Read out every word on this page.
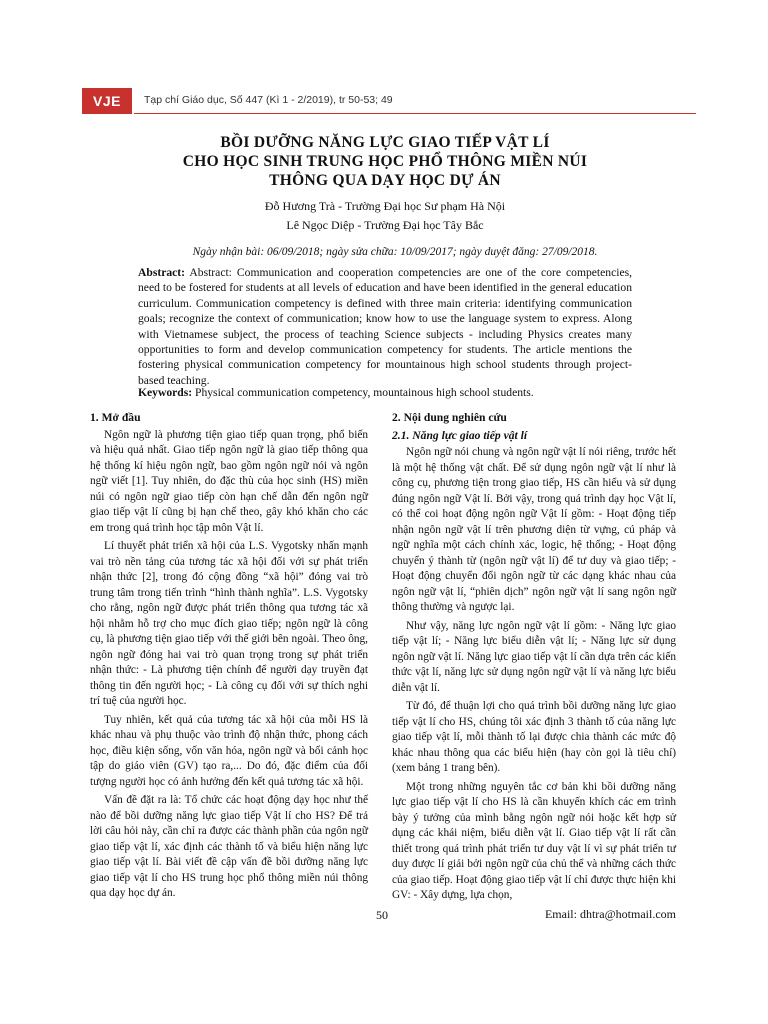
VJE	Tạp chí Giáo dục, Số 447 (Kì 1 - 2/2019), tr 50-53; 49
BỒI DƯỠNG NĂNG LỰC GIAO TIẾP VẬT LÍ
CHO HỌC SINH TRUNG HỌC PHỔ THÔNG MIỀN NÚI
THÔNG QUA DẠY HỌC DỰ ÁN
Đỗ Hương Trà - Trường Đại học Sư phạm Hà Nội
Lê Ngọc Diệp - Trường Đại học Tây Bắc
Ngày nhận bài: 06/09/2018; ngày sửa chữa: 10/09/2017; ngày duyệt đăng: 27/09/2018.
Abstract: Abstract: Communication and cooperation competencies are one of the core competencies, need to be fostered for students at all levels of education and have been identified in the general education curriculum. Communication competency is defined with three main criteria: identifying communication goals; recognize the context of communication; know how to use the language system to express. Along with Vietnamese subject, the process of teaching Science subjects - including Physics creates many opportunities to form and develop communication competency for students. The article mentions the fostering physical communication competency for mountainous high school students through project-based teaching.
Keywords: Physical communication competency, mountainous high school students.
1. Mở đầu

Ngôn ngữ là phương tiện giao tiếp quan trọng, phổ biến và hiệu quả nhất. Giao tiếp ngôn ngữ là giao tiếp thông qua hệ thống kí hiệu ngôn ngữ, bao gồm ngôn ngữ nói và ngôn ngữ viết [1]. Tuy nhiên, do đặc thù của học sinh (HS) miền núi có ngôn ngữ giao tiếp còn hạn chế dẫn đến ngôn ngữ giao tiếp vật lí cũng bị hạn chế theo, gây khó khăn cho các em trong quá trình học tập môn Vật lí.

Lí thuyết phát triển xã hội của L.S. Vygotsky nhấn mạnh vai trò nền tảng của tương tác xã hội đối với sự phát triển nhận thức [2], trong đó cộng đồng “xã hội” đóng vai trò trung tâm trong tiến trình “hình thành nghĩa”. L.S. Vygotsky cho rằng, ngôn ngữ được phát triển thông qua tương tác xã hội nhằm hỗ trợ cho mục đích giao tiếp; ngôn ngữ là công cụ, là phương tiện giao tiếp với thế giới bên ngoài. Theo ông, ngôn ngữ đóng hai vai trò quan trọng trong sự phát triển nhận thức: - Là phương tiện chính để người dạy truyền đạt thông tin đến người học; - Là công cụ đối với sự thích nghi trí tuệ của người học.

Tuy nhiên, kết quả của tương tác xã hội của mỗi HS là khác nhau và phụ thuộc vào trình độ nhận thức, phong cách học, điều kiện sống, vốn văn hóa, ngôn ngữ và bối cảnh học tập do giáo viên (GV) tạo ra,... Do đó, đặc điểm của đối tượng người học có ảnh hưởng đến kết quả tương tác xã hội.

Vấn đề đặt ra là: Tổ chức các hoạt động dạy học như thế nào để bồi dưỡng năng lực giao tiếp Vật lí cho HS? Để trả lời câu hỏi này, cần chỉ ra được các thành phần của ngôn ngữ giao tiếp vật lí, xác định các thành tố và biểu hiện năng lực giao tiếp vật lí. Bài viết đề cập vấn đề bồi dưỡng năng lực giao tiếp vật lí cho HS trung học phổ thông miền núi thông qua dạy học dự án.

2. Nội dung nghiên cứu
2.1. Năng lực giao tiếp vật lí

Ngôn ngữ nói chung và ngôn ngữ vật lí nói riêng, trước hết là một hệ thống vật chất. Để sử dụng ngôn ngữ vật lí như là công cụ, phương tiện trong giao tiếp, HS cần hiểu và sử dụng đúng ngôn ngữ Vật lí. Bởi vậy, trong quá trình dạy học Vật lí, có thể coi hoạt động ngôn ngữ Vật lí gồm: - Hoạt động tiếp nhận ngôn ngữ vật lí trên phương diện từ vựng, cú pháp và ngữ nghĩa một cách chính xác, logic, hệ thống; - Hoạt động chuyển ý thành từ (ngôn ngữ vật lí) để tư duy và giao tiếp; - Hoạt động chuyển đổi ngôn ngữ từ các dạng khác nhau của ngôn ngữ vật lí, “phiên dịch” ngôn ngữ vật lí sang ngôn ngữ thông thường và ngược lại.

Như vậy, năng lực ngôn ngữ vật lí gồm: - Năng lực giao tiếp vật lí; - Năng lực biểu diễn vật lí; - Năng lực sử dụng ngôn ngữ vật lí. Năng lực giao tiếp vật lí cần dựa trên các kiến thức vật lí, năng lực sử dụng ngôn ngữ vật lí và năng lực biểu diễn vật lí.

Từ đó, để thuận lợi cho quá trình bồi dưỡng năng lực giao tiếp vật lí cho HS, chúng tôi xác định 3 thành tố của năng lực giao tiếp vật lí, mỗi thành tố lại được chia thành các mức độ khác nhau thông qua các biểu hiện (hay còn gọi là tiêu chí) (xem bảng 1 trang bên).

Một trong những nguyên tắc cơ bản khi bồi dưỡng năng lực giao tiếp vật lí cho HS là cần khuyến khích các em trình bày ý tưởng của mình bằng ngôn ngữ nói hoặc kết hợp sử dụng các khái niệm, biểu diễn vật lí. Giao tiếp vật lí rất cần thiết trong quá trình phát triển tư duy vật lí vì sự phát triển tư duy được lí giải bởi ngôn ngữ của chủ thể và những cách thức của giao tiếp. Hoạt động giao tiếp vật lí chỉ được thực hiện khi GV: - Xây dựng, lựa chọn,

50	Email: dhtra@hotmail.com
